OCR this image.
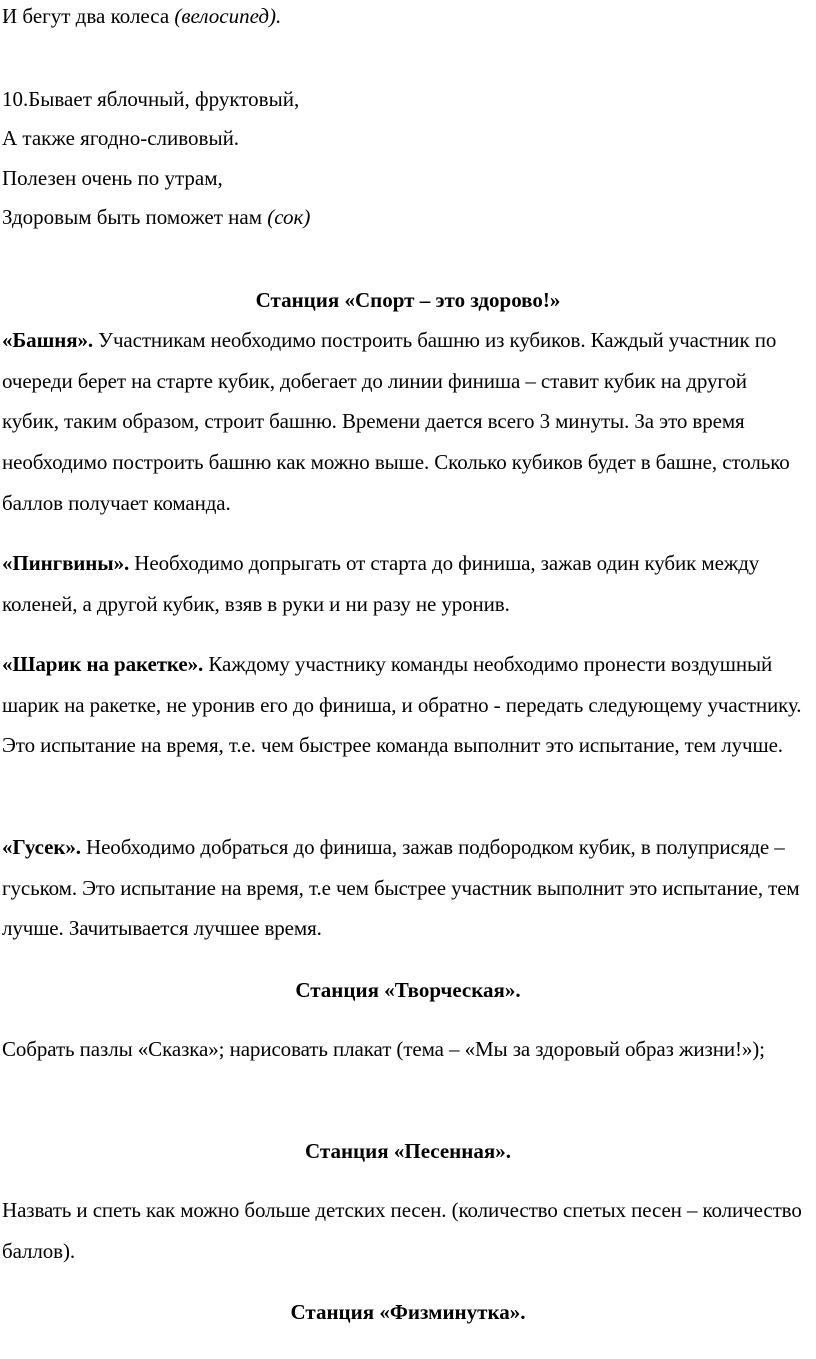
И бегут два колеса (велосипед).
10.Бывает яблочный, фруктовый,
А также ягодно-сливовый.
Полезен очень по утрам,
Здоровым быть поможет нам (сок)
Станция «Спорт – это здорово!»
«Башня». Участникам необходимо построить башню из кубиков. Каждый участник по очереди берет на старте кубик, добегает до линии финиша – ставит кубик на другой кубик, таким образом, строит башню. Времени дается всего 3 минуты. За это время необходимо построить башню как можно выше. Сколько кубиков будет в башне, столько баллов получает команда.
«Пингвины». Необходимо допрыгать от старта до финиша, зажав один кубик между коленей, а другой кубик, взяв в руки и ни разу не уронив.
«Шарик на ракетке». Каждому участнику команды необходимо пронести воздушный шарик на ракетке, не уронив его до финиша, и обратно - передать следующему участнику. Это испытание на время, т.е. чем быстрее команда выполнит это испытание, тем лучше.
«Гусек». Необходимо добраться до финиша, зажав подбородком кубик, в полуприсяде – гуськом. Это испытание на время, т.е чем быстрее участник выполнит это испытание, тем лучше. Зачитывается лучшее время.
Станция «Творческая».
Собрать пазлы «Сказка»; нарисовать плакат (тема – «Мы за здоровый образ жизни!»);
Станция «Песенная».
Назвать и спеть как можно больше детских песен. (количество спетых песен – количество баллов).
Станция «Физминутка».
